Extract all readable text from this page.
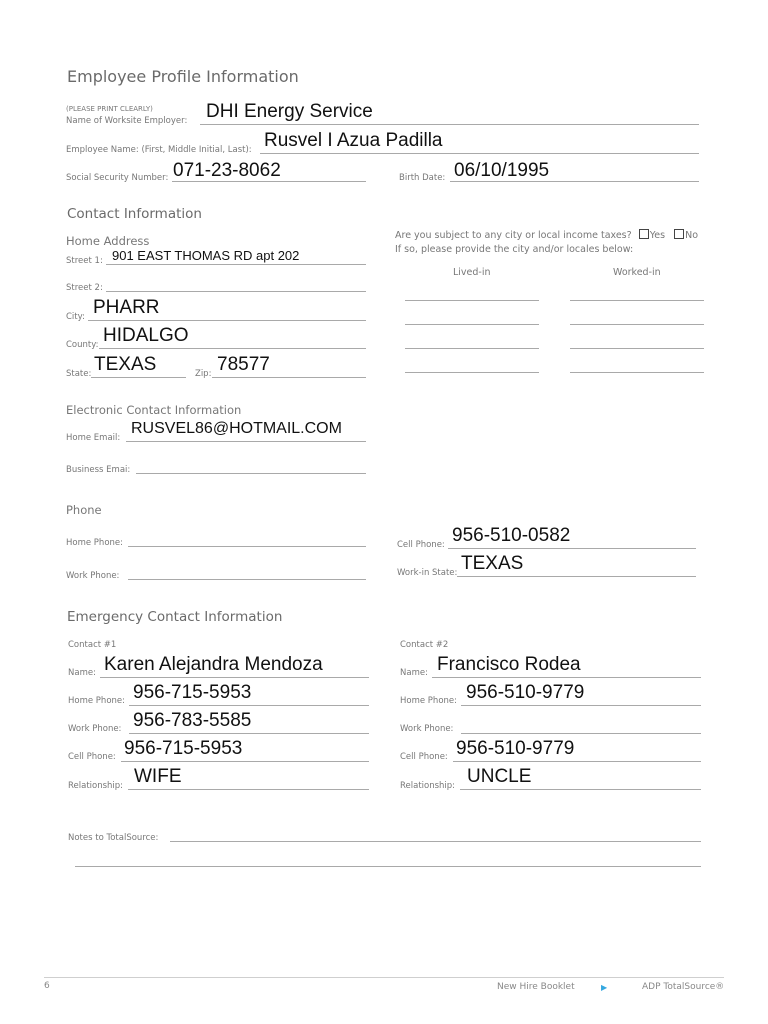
Employee Profile Information
(PLEASE PRINT CLEARLY)
Name of Worksite Employer: DHI Energy Service
Employee Name: (First, Middle Initial, Last): Rusvel I Azua Padilla
Social Security Number: 071-23-8062	Birth Date: 06/10/1995
Contact Information
Home Address
Street 1: 901 EAST THOMAS RD apt 202
Street 2:
City: PHARR
County: HIDALGO
State: TEXAS	Zip: 78577
Are you subject to any city or local income taxes? Yes No
If so, please provide the city and/or locales below:
Lived-in	Worked-in
Electronic Contact Information
Home Email:
RUSVEL86@HOTMAIL.COM
Business Emai:
Phone
Home Phone:
Work Phone:
Cell Phone: 956-510-0582
Work-in State: TEXAS
Emergency Contact Information
Contact #1
Name: Karen Alejandra Mendoza
Home Phone: 956-715-5953
Work Phone: 956-783-5585
Cell Phone: 956-715-5953
Relationship: WIFE
Contact #2
Name: Francisco Rodea
Home Phone: 956-510-9779
Work Phone:
Cell Phone: 956-510-9779
Relationship: UNCLE
Notes to TotalSource:
6	New Hire Booklet	▶	ADP TotalSource®
